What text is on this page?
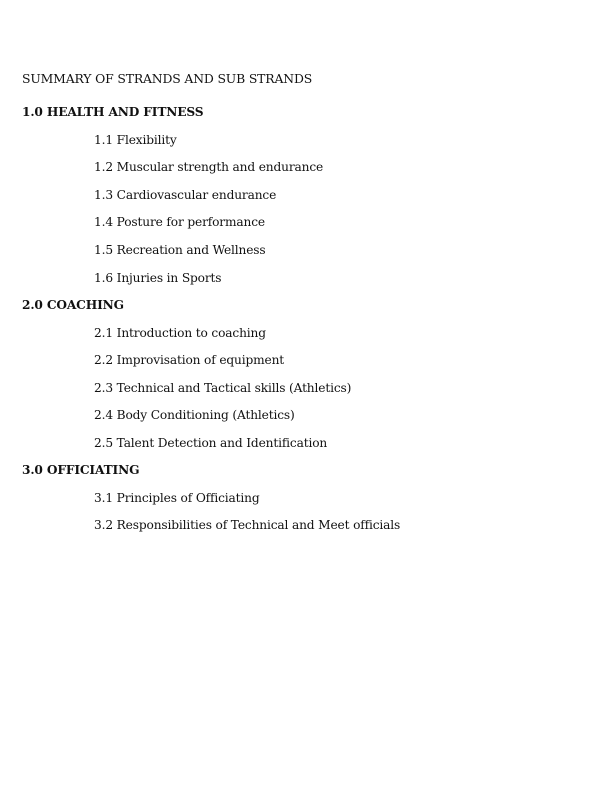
SUMMARY OF STRANDS AND SUB STRANDS
1.0 HEALTH AND FITNESS
1.1 Flexibility
1.2 Muscular strength and endurance
1.3 Cardiovascular endurance
1.4 Posture for performance
1.5 Recreation and Wellness
1.6 Injuries in Sports
2.0 COACHING
2.1 Introduction to coaching
2.2 Improvisation of equipment
2.3 Technical and Tactical skills (Athletics)
2.4 Body Conditioning (Athletics)
2.5 Talent Detection and Identification
3.0 OFFICIATING
3.1 Principles of Officiating
3.2 Responsibilities of Technical and Meet officials
